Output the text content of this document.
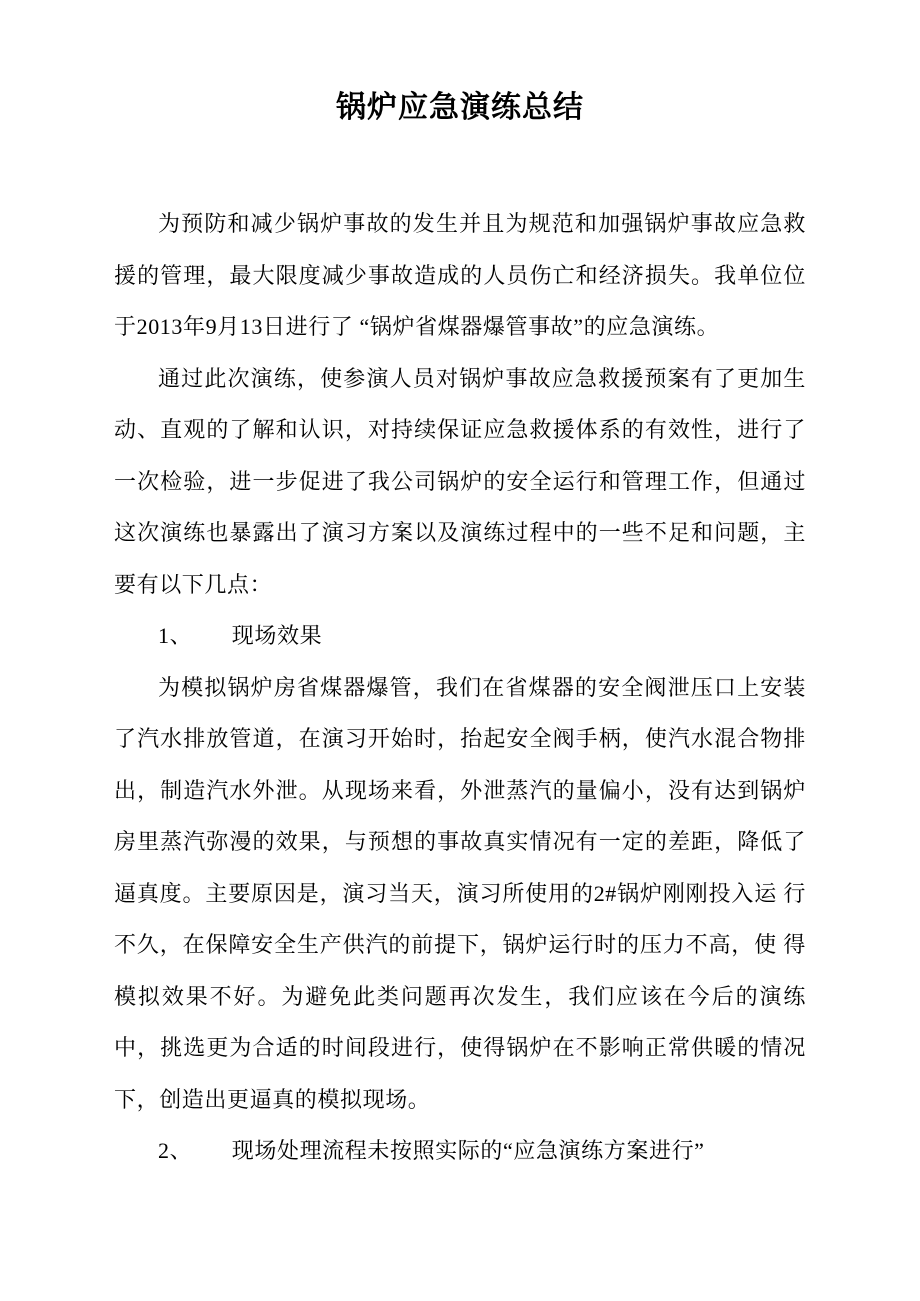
锅炉应急演练总结

为预防和减少锅炉事故的发生并且为规范和加强锅炉事故应急救援的管理，最大限度减少事故造成的人员伤亡和经济损失。我单位位于2013年9月13日进行了 “锅炉省煤器爆管事故”的应急演练。

通过此次演练，使参演人员对锅炉事故应急救援预案有了更加生动、直观的了解和认识，对持续保证应急救援体系的有效性，进行了一次检验，进一步促进了我公司锅炉的安全运行和管理工作，但通过这次演练也暴露出了演习方案以及演练过程中的一些不足和问题，主要有以下几点：

1、 现场效果

为模拟锅炉房省煤器爆管，我们在省煤器的安全阀泄压口上安装了汽水排放管道，在演习开始时，抬起安全阀手柄，使汽水混合物排出，制造汽水外泄。从现场来看，外泄蒸汽的量偏小，没有达到锅炉房里蒸汽弥漫的效果，与预想的事故真实情况有一定的差距，降低了逼真度。主要原因是，演习当天，演习所使用的2#锅炉刚刚投入运 行不久，在保障安全生产供汽的前提下，锅炉运行时的压力不高，使 得模拟效果不好。为避免此类问题再次发生，我们应该在今后的演练 中，挑选更为合适的时间段进行，使得锅炉在不影响正常供暖的情况 下，创造出更逼真的模拟现场。

2、 现场处理流程未按照实际的“应急演练方案进行”
